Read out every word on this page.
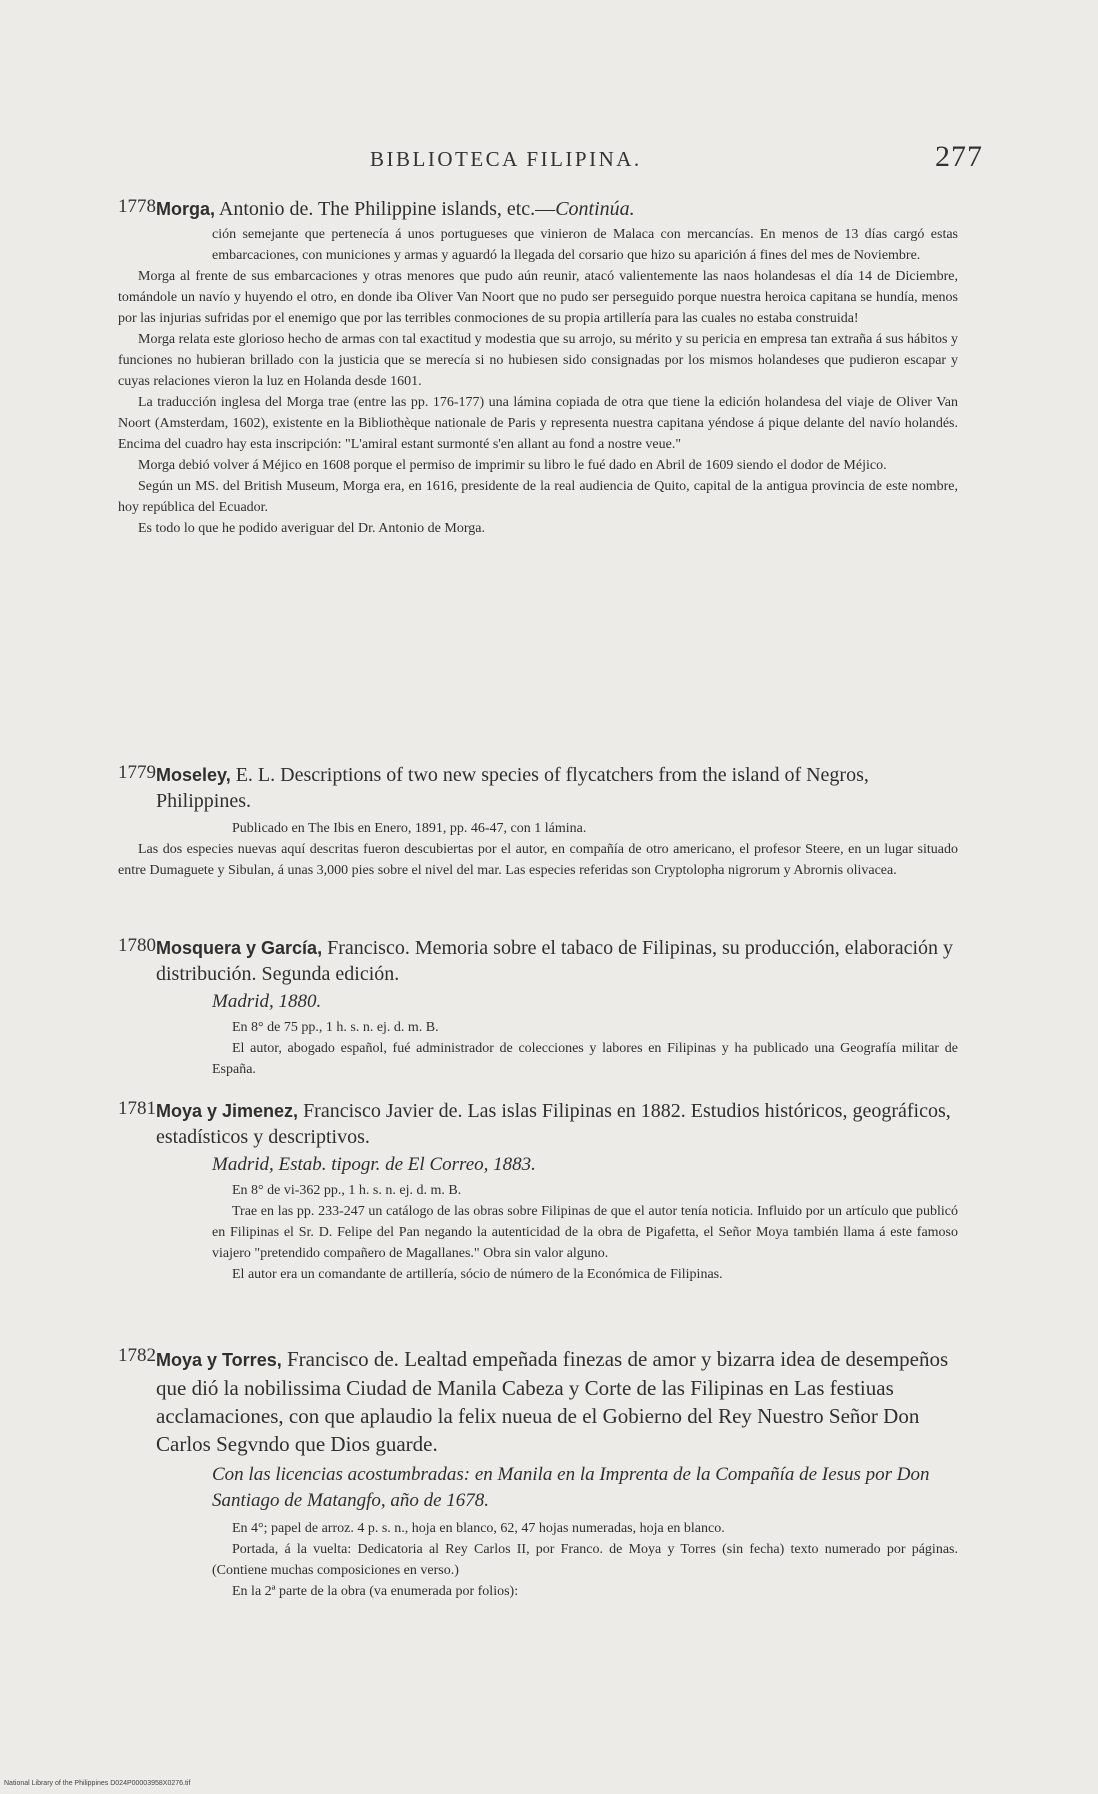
BIBLIOTECA FILIPINA.	277
1778.
Morga, Antonio de. The Philippine islands, etc.—Continúa.

ción semejante que pertenecía á unos portugueses que vinieron de Malaca con mercancías. En menos de 13 días cargó estas embarcaciones, con municiones y armas y aguardó la llegada del corsario que hizo su aparición á fines del mes de Noviembre.

Morga al frente de sus embarcaciones y otras menores que pudo aún reunir, atacó valientemente las naos holandesas el día 14 de Diciembre, tomándole un navío y huyendo el otro, en donde iba Oliver Van Noort que no pudo ser perseguido porque nuestra heroica capitana se hundía, menos por las injurias sufridas por el enemigo que por las terribles conmociones de su propia artillería para las cuales no estaba construida!

Morga relata este glorioso hecho de armas con tal exactitud y modestia que su arrojo, su mérito y su pericia en empresa tan extraña á sus hábitos y funciones no hubieran brillado con la justicia que se merecía si no hubiesen sido consignadas por los mismos holandeses que pudieron escapar y cuyas relaciones vieron la luz en Holanda desde 1601.

La traducción inglesa del Morga trae (entre las pp. 176-177) una lámina copiada de otra que tiene la edición holandesa del viaje de Oliver Van Noort (Amsterdam, 1602), existente en la Bibliothèque nationale de Paris y representa nuestra capitana yéndose á pique delante del navío holandés. Encima del cuadro hay esta inscripción: "L'amiral estant surmonté s'en allant au fond a nostre veue."

Morga debió volver á Méjico en 1608 porque el permiso de imprimir su libro le fué dado en Abril de 1609 siendo el dodor de Méjico.

Según un MS. del British Museum, Morga era, en 1616, presidente de la real audiencia de Quito, capital de la antigua provincia de este nombre, hoy república del Ecuador.

Es todo lo que he podido averiguar del Dr. Antonio de Morga.

1779.
Moseley, E. L. Descriptions of two new species of flycatchers from the island of Negros, Philippines.

Publicado en The Ibis en Enero, 1891, pp. 46-47, con 1 lámina.

Las dos especies nuevas aquí descritas fueron descubiertas por el autor, en compañía de otro americano, el profesor Steere, en un lugar situado entre Dumaguete y Sibulan, á unas 3,000 pies sobre el nivel del mar. Las especies referidas son Cryptolopha nigrorum y Abrornis olivacea.

1780.
Mosquera y García, Francisco. Memoria sobre el tabaco de Filipinas, su producción, elaboración y distribución. Segunda edición.
Madrid, 1880.

En 8° de 75 pp., 1 h. s. n. ej. d. m. B.

El autor, abogado español, fué administrador de colecciones y labores en Filipinas y ha publicado una Geografía militar de España.

1781.
Moya y Jimenez, Francisco Javier de. Las islas Filipinas en 1882. Estudios históricos, geográficos, estadísticos y descriptivos.
Madrid, Estab. tipogr. de El Correo, 1883.

En 8° de vi-362 pp., 1 h. s. n. ej. d. m. B.

Trae en las pp. 233-247 un catálogo de las obras sobre Filipinas de que el autor tenía noticia. Influido por un artículo que publicó en Filipinas el Sr. D. Felipe del Pan negando la autenticidad de la obra de Pigafetta, el Señor Moya también llama á este famoso viajero "pretendido compañero de Magallanes." Obra sin valor alguno.

El autor era un comandante de artillería, sócio de número de la Económica de Filipinas.

1782.
Moya y Torres, Francisco de. Lealtad empeñada finezas de amor y bizarra idea de desempeños que dió la nobilissima Ciudad de Manila Cabeza y Corte de las Filipinas en Las festiuas acclamaciones, con que aplaudio la felix nueua de el Gobierno del Rey Nuestro Señor Don Carlos Segvndo que Dios guarde.
Con las licencias acostumbradas: en Manila en la Imprenta de la Compañía de Iesus por Don Santiago de Matangfo, año de 1678.

En 4°; papel de arroz. 4 p. s. n., hoja en blanco, 62, 47 hojas numeradas, hoja en blanco.

Portada, á la vuelta: Dedicatoria al Rey Carlos II, por Franco. de Moya y Torres (sin fecha) texto numerado por páginas. (Contiene muchas composiciones en verso.)

En la 2ª parte de la obra (va enumerada por folios):

National Library of the Philippines D024P00003958X0276.tif
